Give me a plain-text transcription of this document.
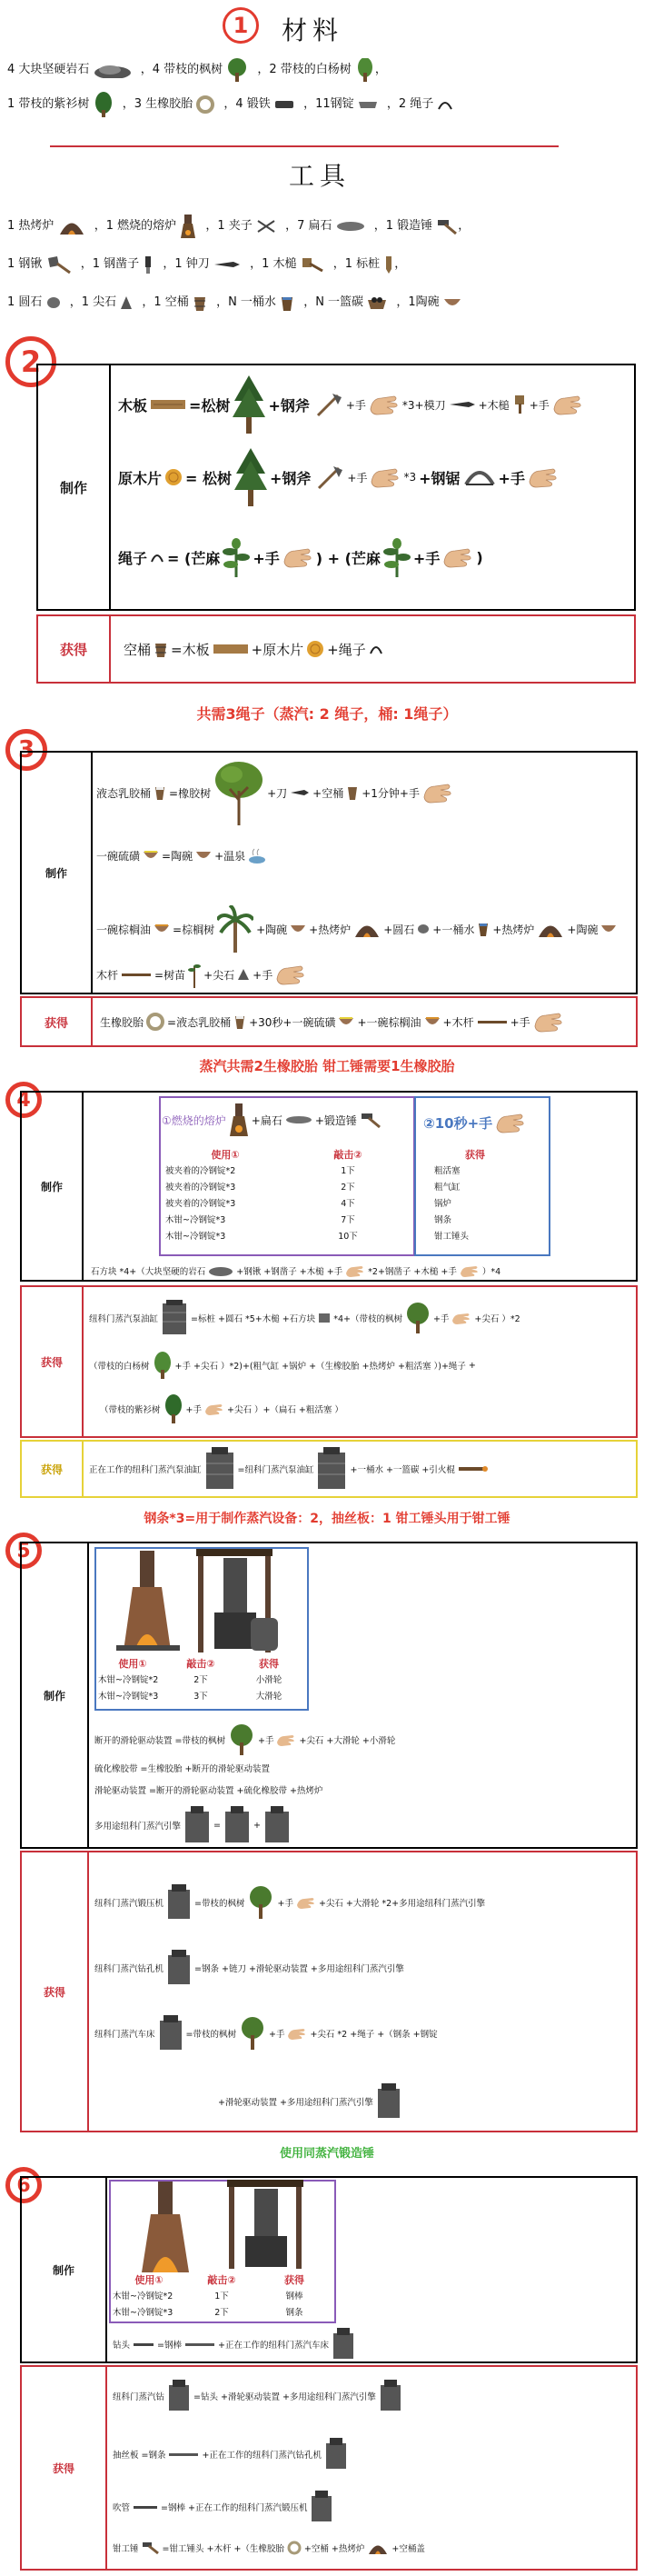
1	材料
4 大块坚硬岩石	，4 带枝的枫树	，2 带枝的白杨树 ，
1 带枝的紫衫树	，3 生橡胶胎	，4 锻铁	，11钢锭	，2 绳子
工具
1 热烤炉	，1 燃烧的熔炉 ，1 夹子	，7 扁石	，1 锻造锤 ，
1 钢锹	，1 钢凿子 ，1 钟刀	，1 木槌	，1 标桩 ，
1 圆石 ，1 尖石 ，1 空桶 ，N 一桶水 ，N 一篮碳	，1陶碗
2
制作
木板	=松树	+钢斧	+手	*3+模刀	+木槌 +手
原木片 = 松树	+钢斧	+手	*3 +钢锯	+手
绳子 = (芒麻 +手	) + (芒麻 +手	)
获得	空桶 =木板	+原木片 +绳子
共需3绳子（蒸汽: 2 绳子，桶: 1绳子）
3
制作
液态乳胶桶 =橡胶树	+刀 +空桶 +1分钟+手
一碗硫磺 =陶碗 +温泉
一碗棕榈油 =棕榈树	+陶碗 +热烤炉	+圆石 +一桶水 +热烤炉	+陶碗
木杆	=树苗 +尖石 +手
获得	生橡胶胎 =液态乳胶桶 +30秒+一碗硫磺 +一碗棕榈油 +木杆	+手
蒸汽共需2生橡胶胎 钳工锤需要1生橡胶胎
4
制作
①燃烧的熔炉 +扁石	+锻造锤	②10秒+手
使用①	敲击②	获得
被夹着的冷钢锭*2	1下	粗活塞
被夹着的冷钢锭*3	2下	粗气缸
被夹着的冷钢锭*3	4下	锅炉
木钳~冷钢锭*3	7下	钢条
木钳~冷钢锭*3	10下	钳工锤头
石方块 *4+（大块坚硬的岩石	+钢锹 +钢凿子 +木槌 +手	*2+钢凿子 +木槌 +手	）*4
获得
纽科门蒸汽泵油缸	=标桩 +圆石 *5+木槌 +石方块 *4+（带枝的枫树	+手	+尖石 ）*2
（带枝的白杨树	+手 +尖石 ）*2)+(粗气缸 +锅炉 +（生橡胶胎 +热烤炉 +粗活塞 ）)+绳子 +
（带枝的紫衫树	+手	+尖石 ）+（扁石 +粗活塞 ）
获得	正在工作的纽科门蒸汽泵油缸	=纽科门蒸汽泵油缸	+一桶水 +一篮碳 +引火棍
钢条*3=用于制作蒸汽设备：2，抽丝板：1 钳工锤头用于钳工锤
5
制作
使用①	敲击②	获得
木钳~冷钢锭*2	2下	小滑轮
木钳~冷钢锭*3	3下	大滑轮
断开的滑轮驱动装置 =带枝的枫树	+手	+尖石 +大滑轮 +小滑轮
硫化橡胶带 =生橡胶胎 +断开的滑轮驱动装置
滑轮驱动装置 =断开的滑轮驱动装置 +硫化橡胶带 +热烤炉
多用途纽科门蒸汽引擎	=	+
获得
纽科门蒸汽锻压机	=带枝的枫树	+手	+尖石 +大滑轮 *2+多用途纽科门蒸汽引擎
纽科门蒸汽钻孔机	=钢条 +链刀 +滑轮驱动装置 +多用途纽科门蒸汽引擎
纽科门蒸汽车床	=带枝的枫树	+手	+尖石 *2 +绳子 +（钢条 +钢锭
+滑轮驱动装置 +多用途纽科门蒸汽引擎
使用同蒸汽锻造锤
6
制作
使用①	敲击②	获得
木钳~冷钢锭*2	1下	钢棒
木钳~冷钢锭*3	2下	钢条
钻头	=钢棒	+正在工作的纽科门蒸汽车床
获得
纽科门蒸汽钻	=钻头 +滑轮驱动装置 +多用途纽科门蒸汽引擎
抽丝板 =钢条	+正在工作的纽科门蒸汽钻孔机
吹管	=钢棒 +正在工作的纽科门蒸汽锻压机
钳工锤	=钳工锤头 +木杆 +（生橡胶胎 +空桶 +热烤炉	+空桶盖
